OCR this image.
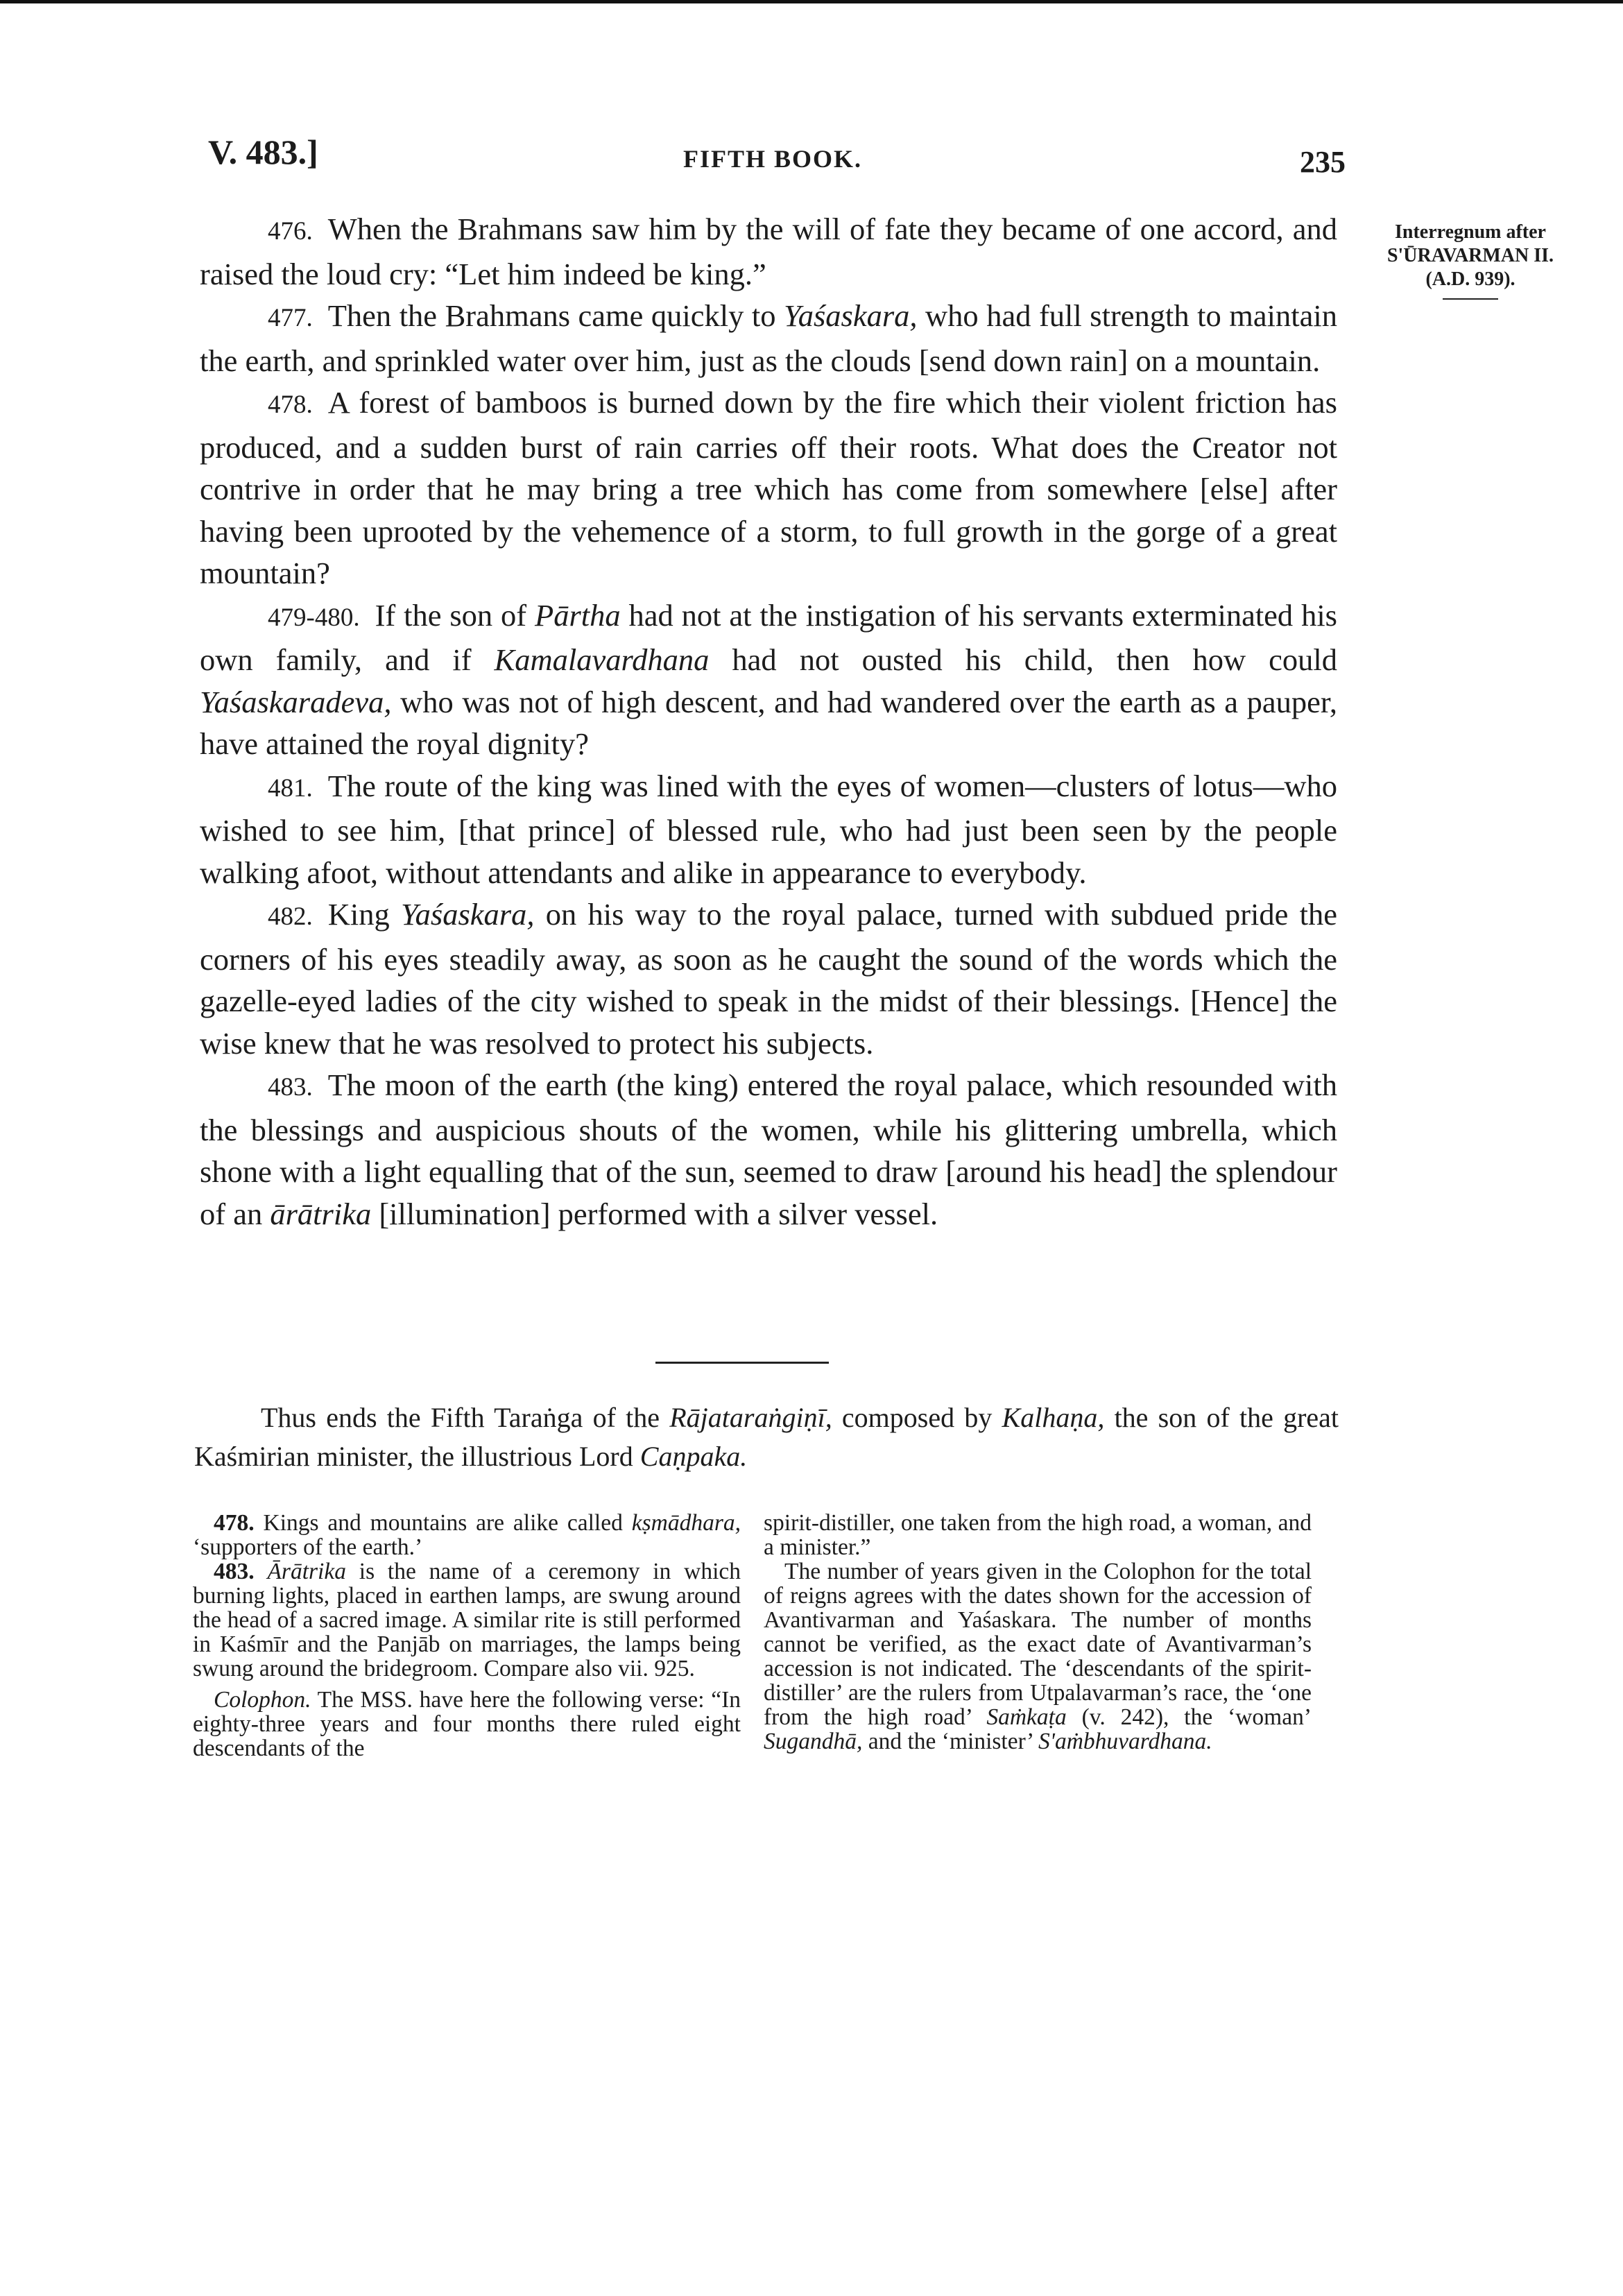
V. 483.]	FIFTH BOOK.	235
Interregnum after
S'ŪRAVARMAN II.
(A.D. 939).

476. When the Brahmans saw him by the will of fate they became of one accord, and raised the loud cry: “Let him indeed be king.”

477. Then the Brahmans came quickly to Yaśaskara, who had full strength to maintain the earth, and sprinkled water over him, just as the clouds [send down rain] on a mountain.

478. A forest of bamboos is burned down by the fire which their violent friction has produced, and a sudden burst of rain carries off their roots. What does the Creator not contrive in order that he may bring a tree which has come from somewhere [else] after having been uprooted by the vehemence of a storm, to full growth in the gorge of a great mountain?

479-480. If the son of Pārtha had not at the instigation of his servants exterminated his own family, and if Kamalavardhana had not ousted his child, then how could Yaśaskaradeva, who was not of high descent, and had wandered over the earth as a pauper, have attained the royal dignity?

481. The route of the king was lined with the eyes of women—clusters of lotus—who wished to see him, [that prince] of blessed rule, who had just been seen by the people walking afoot, without attendants and alike in appearance to everybody.

482. King Yaśaskara, on his way to the royal palace, turned with subdued pride the corners of his eyes steadily away, as soon as he caught the sound of the words which the gazelle-eyed ladies of the city wished to speak in the midst of their blessings. [Hence] the wise knew that he was resolved to protect his subjects.

483. The moon of the earth (the king) entered the royal palace, which resounded with the blessings and auspicious shouts of the women, while his glittering umbrella, which shone with a light equalling that of the sun, seemed to draw [around his head] the splendour of an ārātrika [illumination] performed with a silver vessel.

Thus ends the Fifth Taraṅga of the Rājataraṅgiṇī, composed by Kalhaṇa, the son of the great Kaśmirian minister, the illustrious Lord Caṇpaka.

478. Kings and mountains are alike called kṣmādhara, ‘supporters of the earth.’

483. Ārātrika is the name of a ceremony in which burning lights, placed in earthen lamps, are swung around the head of a sacred image. A similar rite is still performed in Kaśmīr and the Panjāb on marriages, the lamps being swung around the bridegroom. Compare also vii. 925.

Colophon. The MSS. have here the following verse: “In eighty-three years and four months there ruled eight descendants of the

spirit-distiller, one taken from the high road, a woman, and a minister.”

The number of years given in the Colophon for the total of reigns agrees with the dates shown for the accession of Avantivarman and Yaśaskara. The number of months cannot be verified, as the exact date of Avantivarman’s accession is not indicated. The ‘descendants of the spirit-distiller’ are the rulers from Utpalavarman’s race, the ‘one from the high road’ Saṁkaṭa (v. 242), the ‘woman’ Sugandhā, and the ‘minister’ S'aṁbhuvardhana.
